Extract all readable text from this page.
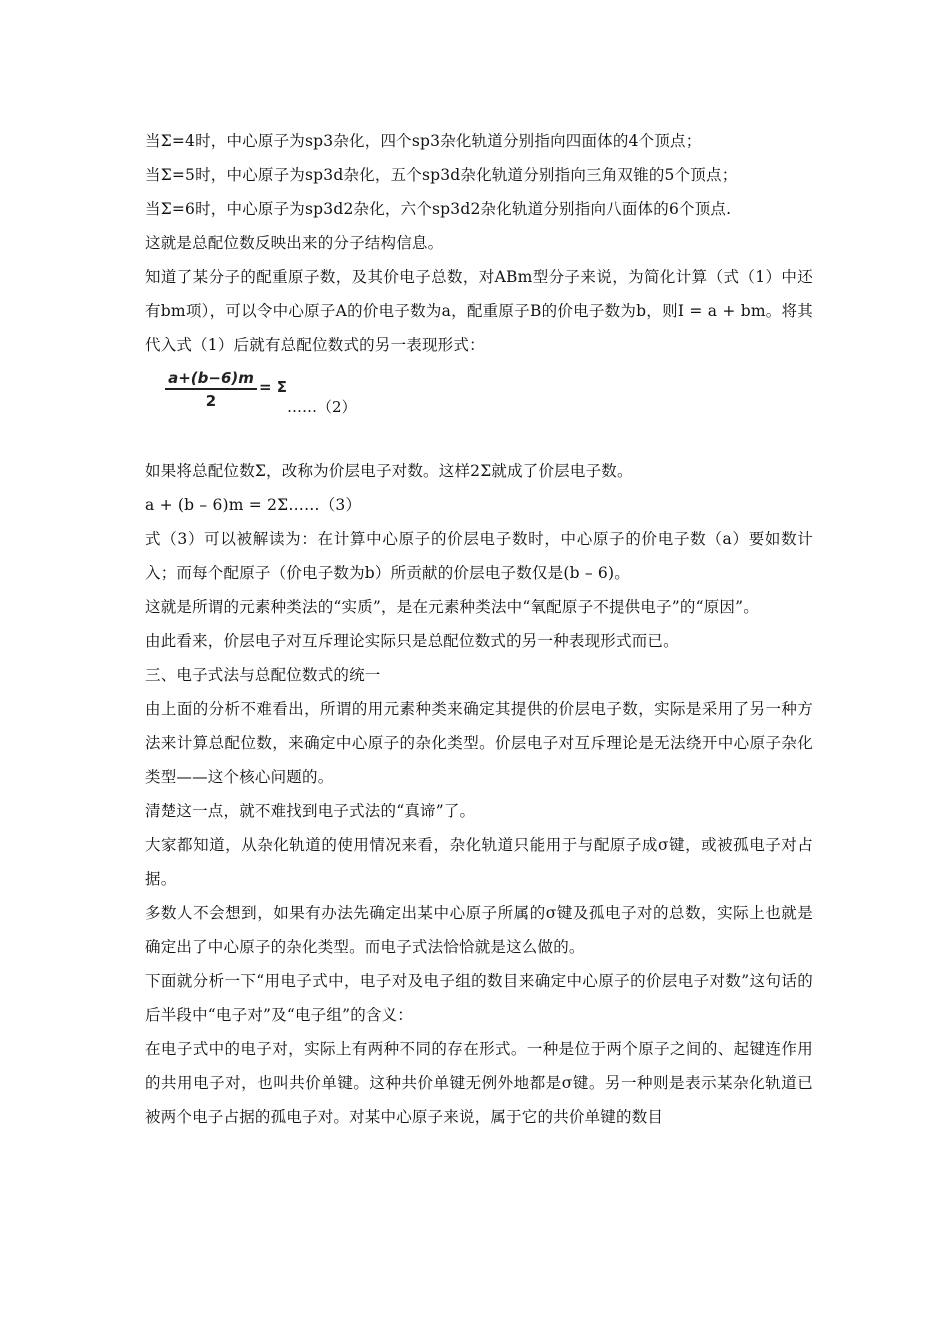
当Σ=4时，中心原子为sp3杂化，四个sp3杂化轨道分别指向四面体的4个顶点；
当Σ=5时，中心原子为sp3d杂化，五个sp3d杂化轨道分别指向三角双锥的5个顶点；
当Σ=6时，中心原子为sp3d2杂化，六个sp3d2杂化轨道分别指向八面体的6个顶点.
这就是总配位数反映出来的分子结构信息。
知道了某分子的配重原子数，及其价电子总数，对ABm型分子来说，为简化计算（式（1）中还有bm项），可以令中心原子A的价电子数为a，配重原子B的价电子数为b，则I = a + bm。将其代入式（1）后就有总配位数式的另一表现形式：
$\frac{a+(b-6)m}{2} = \Sigma$
……（2）
如果将总配位数Σ，改称为价层电子对数。这样2Σ就成了价层电子数。
a + (b – 6)m = 2Σ……（3）
式（3）可以被解读为：在计算中心原子的价层电子数时，中心原子的价电子数（a）要如数计入；而每个配原子（价电子数为b）所贡献的价层电子数仅是(b – 6)。
这就是所谓的元素种类法的“实质”，是在元素种类法中“氧配原子不提供电子”的“原因”。
由此看来，价层电子对互斥理论实际只是总配位数式的另一种表现形式而已。
三、电子式法与总配位数式的统一
由上面的分析不难看出，所谓的用元素种类来确定其提供的价层电子数，实际是采用了另一种方法来计算总配位数，来确定中心原子的杂化类型。价层电子对互斥理论是无法绕开中心原子杂化类型——这个核心问题的。
清楚这一点，就不难找到电子式法的“真谛”了。
大家都知道，从杂化轨道的使用情况来看，杂化轨道只能用于与配原子成σ键，或被孤电子对占据。
多数人不会想到，如果有办法先确定出某中心原子所属的σ键及孤电子对的总数，实际上也就是确定出了中心原子的杂化类型。而电子式法恰恰就是这么做的。
下面就分析一下“用电子式中，电子对及电子组的数目来确定中心原子的价层电子对数”这句话的后半段中“电子对”及“电子组”的含义：
在电子式中的电子对，实际上有两种不同的存在形式。一种是位于两个原子之间的、起键连作用的共用电子对，也叫共价单键。这种共价单键无例外地都是σ键。另一种则是表示某杂化轨道已被两个电子占据的孤电子对。对某中心原子来说，属于它的共价单键的数目
